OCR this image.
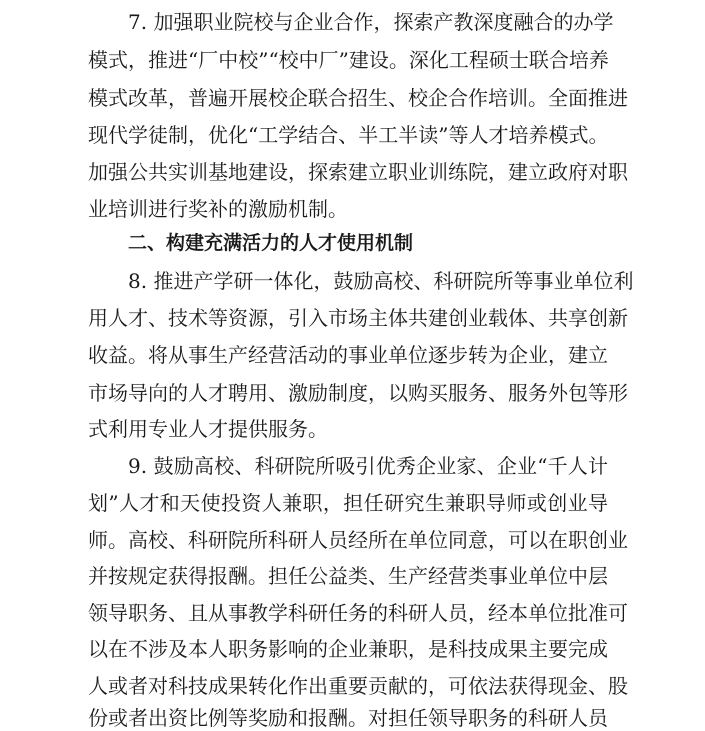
7. 加强职业院校与企业合作，探索产教深度融合的办学
模式，推进“厂中校”“校中厂”建设。深化工程硕士联合培养
模式改革，普遍开展校企联合招生、校企合作培训。全面推进
现代学徒制，优化“工学结合、半工半读”等人才培养模式。
加强公共实训基地建设，探索建立职业训练院，建立政府对职
业培训进行奖补的激励机制。
二、构建充满活力的人才使用机制
8. 推进产学研一体化，鼓励高校、科研院所等事业单位利
用人才、技术等资源，引入市场主体共建创业载体、共享创新
收益。将从事生产经营活动的事业单位逐步转为企业，建立
市场导向的人才聘用、激励制度，以购买服务、服务外包等形
式利用专业人才提供服务。
9. 鼓励高校、科研院所吸引优秀企业家、企业“千人计
划”人才和天使投资人兼职，担任研究生兼职导师或创业导
师。高校、科研院所科研人员经所在单位同意，可以在职创业
并按规定获得报酬。担任公益类、生产经营类事业单位中层
领导职务、且从事教学科研任务的科研人员，经本单位批准可
以在不涉及本人职务影响的企业兼职，是科技成果主要完成
人或者对科技成果转化作出重要贡献的，可依法获得现金、股
份或者出资比例等奖励和报酬。对担任领导职务的科研人员
